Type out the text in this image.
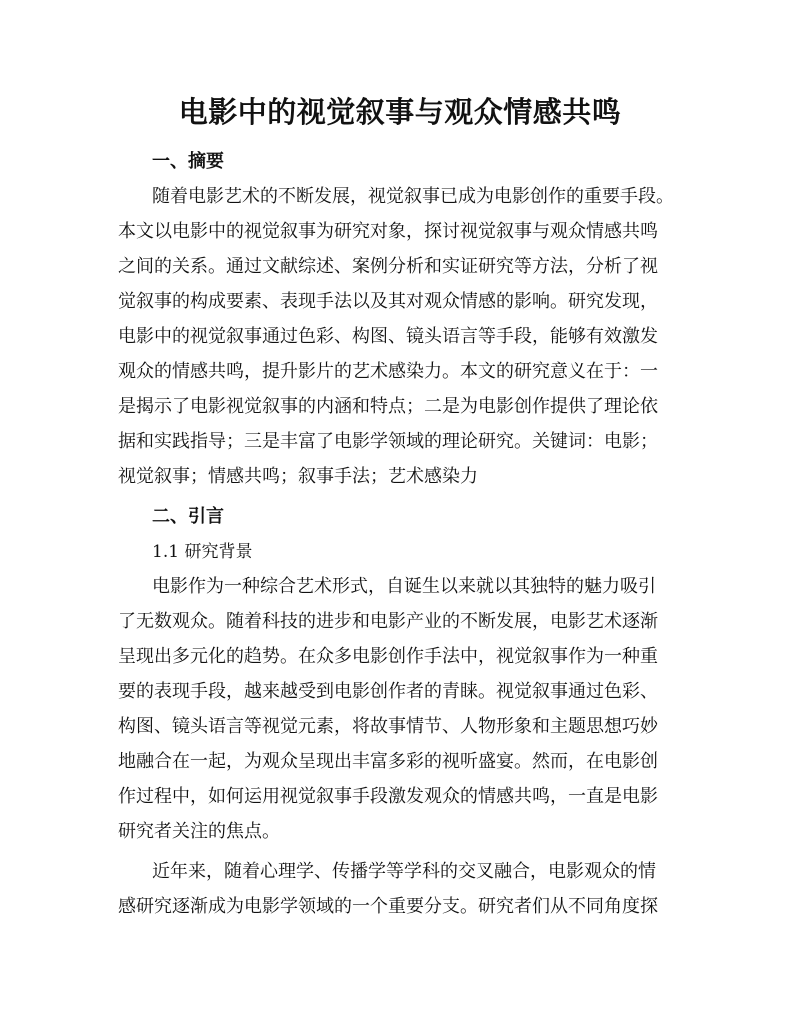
电影中的视觉叙事与观众情感共鸣
一、摘要
随着电影艺术的不断发展，视觉叙事已成为电影创作的重要手段。
本文以电影中的视觉叙事为研究对象，探讨视觉叙事与观众情感共鸣
之间的关系。通过文献综述、案例分析和实证研究等方法，分析了视
觉叙事的构成要素、表现手法以及其对观众情感的影响。研究发现，
电影中的视觉叙事通过色彩、构图、镜头语言等手段，能够有效激发
观众的情感共鸣，提升影片的艺术感染力。本文的研究意义在于：一
是揭示了电影视觉叙事的内涵和特点；二是为电影创作提供了理论依
据和实践指导；三是丰富了电影学领域的理论研究。关键词：电影；
视觉叙事；情感共鸣；叙事手法；艺术感染力
二、引言
1.1 研究背景
电影作为一种综合艺术形式，自诞生以来就以其独特的魅力吸引
了无数观众。随着科技的进步和电影产业的不断发展，电影艺术逐渐
呈现出多元化的趋势。在众多电影创作手法中，视觉叙事作为一种重
要的表现手段，越来越受到电影创作者的青睐。视觉叙事通过色彩、
构图、镜头语言等视觉元素，将故事情节、人物形象和主题思想巧妙
地融合在一起，为观众呈现出丰富多彩的视听盛宴。然而，在电影创
作过程中，如何运用视觉叙事手段激发观众的情感共鸣，一直是电影
研究者关注的焦点。
近年来，随着心理学、传播学等学科的交叉融合，电影观众的情
感研究逐渐成为电影学领域的一个重要分支。研究者们从不同角度探
